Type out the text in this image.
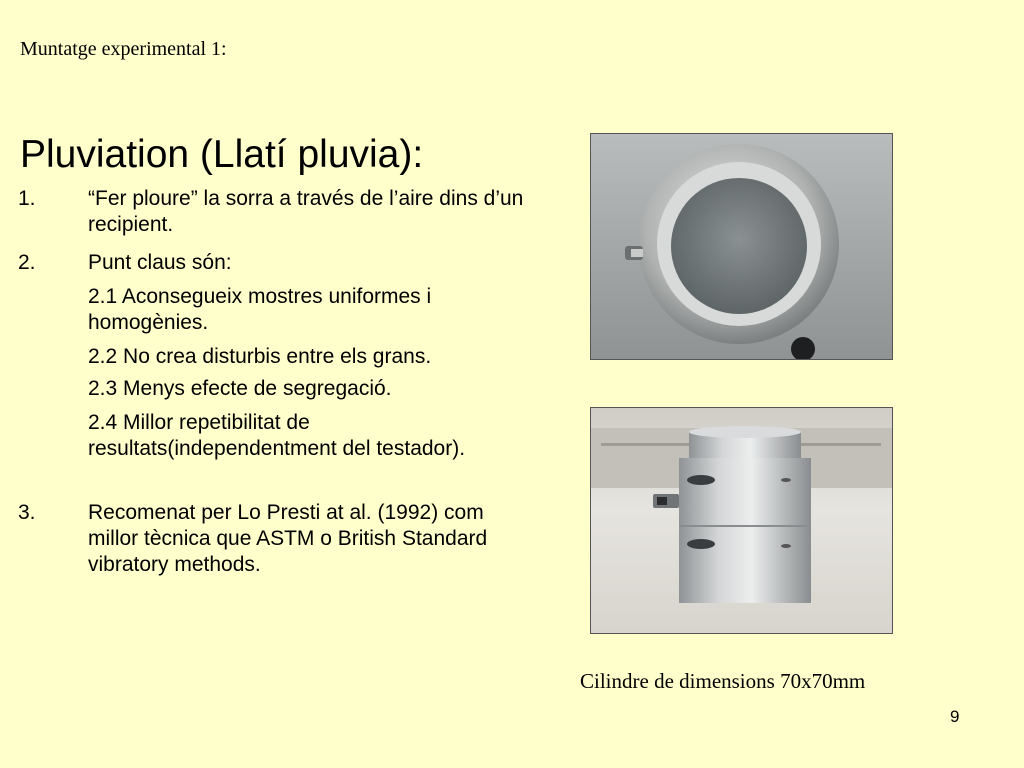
Muntatge experimental 1:
Pluviation (Llatí pluvia):
1. “Fer ploure” la sorra a través de l’aire dins d’un recipient.
2. Punt claus són:
2.1 Aconsegueix mostres uniformes i homogènies.
2.2 No crea disturbis entre els grans.
2.3 Menys efecte de segregació.
2.4 Millor repetibilitat de resultats(independentment del testador).
3. Recomenat per Lo Presti at al. (1992) com millor tècnica que ASTM o British Standard vibratory methods.
Cilindre de dimensions 70x70mm
9
